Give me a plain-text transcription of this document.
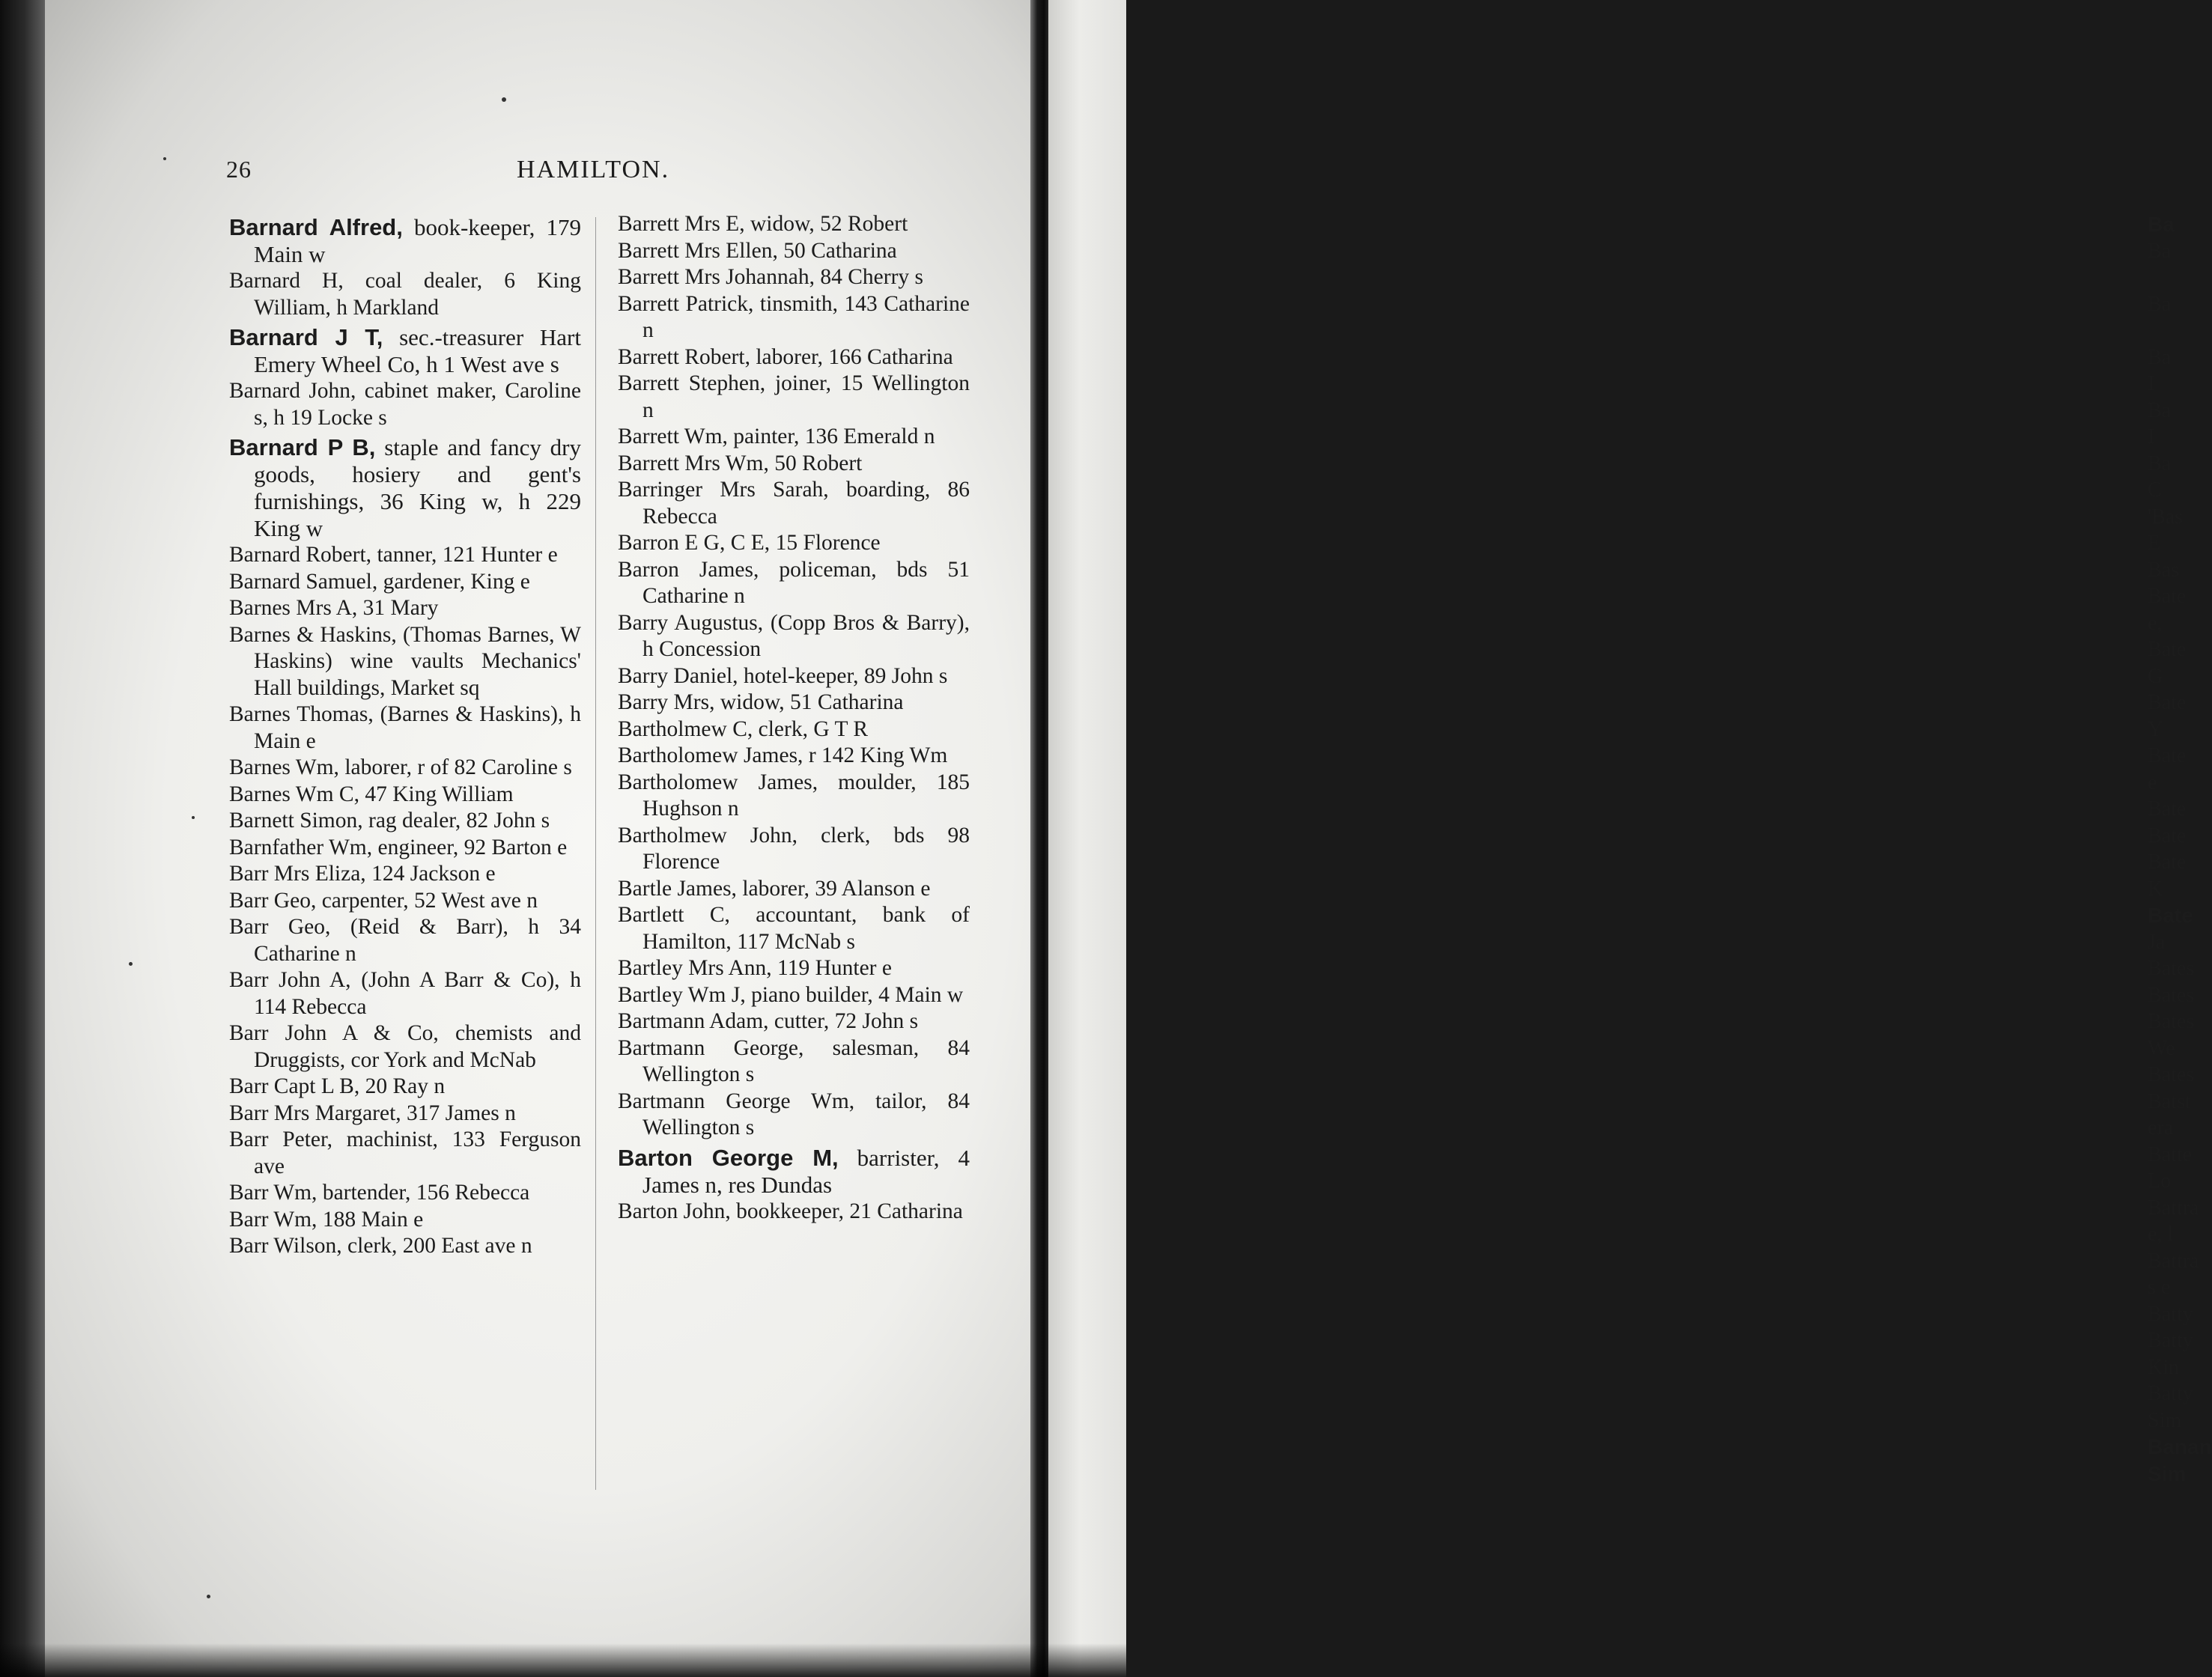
Ba
Ba

Ba

Ba
I
Ba
I
Ba
C
'Bas
E
Bas
Bate
e,
Bate
G
Bate
Y
Bate
e
Bate
Bate
Bate
K
Bate
Ja
Bates
Bates
Bates
We
Bates
Batst
era
Batte
Lo
Battra
e, l
Battra
s e
Batty
Batty
Kin
Batty
Sim
Banan
Sim
26	HAMILTON.
Barnard Alfred, book-keeper, 179 Main w
Barnard H, coal dealer, 6 King William, h Markland
Barnard J T, sec.-treasurer Hart Emery Wheel Co, h 1 West ave s
Barnard John, cabinet maker, Caroline s, h 19 Locke s
Barnard P B, staple and fancy dry goods, hosiery and gent's furnishings, 36 King w, h 229 King w
Barnard Robert, tanner, 121 Hunter e
Barnard Samuel, gardener, King e
Barnes Mrs A, 31 Mary
Barnes & Haskins, (Thomas Barnes, W Haskins) wine vaults Mechanics' Hall buildings, Market sq
Barnes Thomas, (Barnes & Haskins), h Main e
Barnes Wm, laborer, r of 82 Caroline s
Barnes Wm C, 47 King William
Barnett Simon, rag dealer, 82 John s
Barnfather Wm, engineer, 92 Barton e
Barr Mrs Eliza, 124 Jackson e
Barr Geo, carpenter, 52 West ave n
Barr Geo, (Reid & Barr), h 34 Catharine n
Barr John A, (John A Barr & Co), h 114 Rebecca
Barr John A & Co, chemists and Druggists, cor York and McNab
Barr Capt L B, 20 Ray n
Barr Mrs Margaret, 317 James n
Barr Peter, machinist, 133 Ferguson ave
Barr Wm, bartender, 156 Rebecca
Barr Wm, 188 Main e
Barr Wilson, clerk, 200 East ave n
Barrett Mrs E, widow, 52 Robert
Barrett Mrs Ellen, 50 Catharina
Barrett Mrs Johannah, 84 Cherry s
Barrett Patrick, tinsmith, 143 Catharine n
Barrett Robert, laborer, 166 Catharina
Barrett Stephen, joiner, 15 Wellington n
Barrett Wm, painter, 136 Emerald n
Barrett Mrs Wm, 50 Robert
Barringer Mrs Sarah, boarding, 86 Rebecca
Barron E G, C E, 15 Florence
Barron James, policeman, bds 51 Catharine n
Barry Augustus, (Copp Bros & Barry), h Concession
Barry Daniel, hotel-keeper, 89 John s
Barry Mrs, widow, 51 Catharina
Bartholmew C, clerk, G T R
Bartholomew James, r 142 King Wm
Bartholomew James, moulder, 185 Hughson n
Bartholmew John, clerk, bds 98 Florence
Bartle James, laborer, 39 Alanson e
Bartlett C, accountant, bank of Hamilton, 117 McNab s
Bartley Mrs Ann, 119 Hunter e
Bartley Wm J, piano builder, 4 Main w
Bartmann Adam, cutter, 72 John s
Bartmann George, salesman, 84 Wellington s
Bartmann George Wm, tailor, 84 Wellington s
Barton George M, barrister, 4 James n, res Dundas
Barton John, bookkeeper, 21 Catharina
